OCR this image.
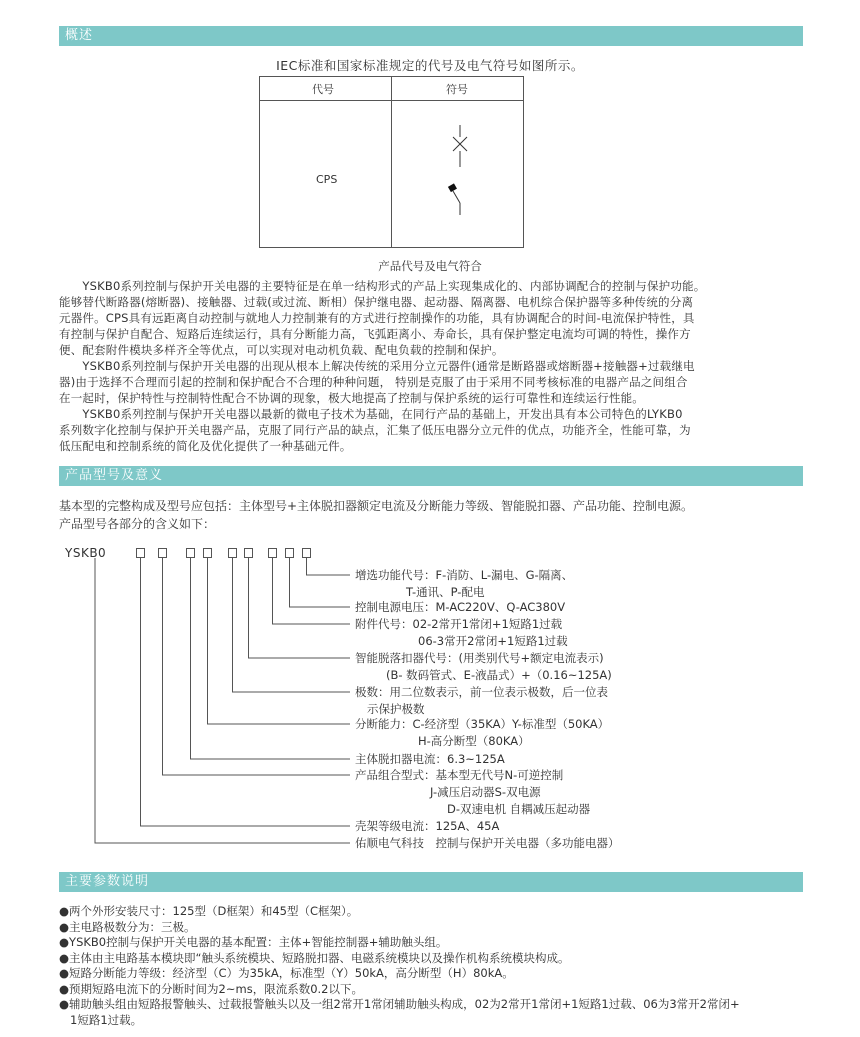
概述
IEC标准和国家标准规定的代号及电气符号如图所示。
代号	符号
CPS
产品代号及电气符合

　　YSKB0系列控制与保护开关电器的主要特征是在单一结构形式的产品上实现集成化的、内部协调配合的控制与保护功能。
能够替代断路器(熔断器)、接触器、过载(或过流、断相）保护继电器、起动器、隔离器、电机综合保护器等多种传统的分离
元器件。CPS具有远距离自动控制与就地人力控制兼有的方式进行控制操作的功能，具有协调配合的时间-电流保护特性，具
有控制与保护自配合、短路后连续运行，具有分断能力高，飞弧距离小、寿命长，具有保护整定电流均可调的特性，操作方
便、配套附件模块多样齐全等优点，可以实现对电动机负载、配电负载的控制和保护。

　　YSKB0系列控制与保护开关电器的出现从根本上解决传统的采用分立元器件(通常是断路器或熔断器+接触器+过载继电
器)由于选择不合理而引起的控制和保护配合不合理的种种问题， 特别是克服了由于采用不同考核标准的电器产品之间组合
在一起时，保护特性与控制特性配合不协调的现象，极大地提高了控制与保护系统的运行可靠性和连续运行性能。

　　YSKB0系列控制与保护开关电器以最新的微电子技术为基础，在同行产品的基础上，开发出具有本公司特色的LYKB0
系列数字化控制与保护开关电器产品，克服了同行产品的缺点，汇集了低压电器分立元件的优点，功能齐全，性能可靠，为
低压配电和控制系统的简化及优化提供了一种基础元件。

产品型号及意义
基本型的完整构成及型号应包括：主体型号+主体脱扣器额定电流及分断能力等级、智能脱扣器、产品功能、控制电源。
产品型号各部分的含义如下：
YSKB0
增选功能代号：F-消防、L-漏电、G-隔离、
T-通讯、P-配电
控制电源电压：M-AC220V、Q-AC380V
附件代号：02-2常开1常闭+1短路1过载
06-3常开2常闭+1短路1过载
智能脱落扣器代号：(用类别代号+额定电流表示)
(B- 数码管式、E-液晶式）+（0.16~125A)
极数：用二位数表示，前一位表示极数，后一位表
示保护极数
分断能力：C-经济型（35KA）Y-标准型（50KA）
H-高分断型（80KA）
主体脱扣器电流：6.3~125A
产品组合型式：基本型无代号N-可逆控制
J-减压启动器S-双电源
D-双速电机 自耦减压起动器
壳架等级电流：125A、45A
佑顺电气科技　控制与保护开关电器（多功能电器）
主要参数说明
●两个外形安装尺寸：125型（D框架）和45型（C框架）。
●主电路极数分为：三极。
●YSKB0控制与保护开关电器的基本配置：主体+智能控制器+辅助触头组。
●主体由主电路基本模块即“触头系统模块、短路脱扣器、电磁系统模块以及操作机构系统模块构成。
●短路分断能力等级：经济型（C）为35kA，标准型（Y）50kA，高分断型（H）80kA。
●预期短路电流下的分断时间为2~ms，限流系数0.2以下。
●辅助触头组由短路报警触头、过载报警触头以及一组2常开1常闭辅助触头构成，02为2常开1常闭+1短路1过载、06为3常开2常闭+
1短路1过载。
